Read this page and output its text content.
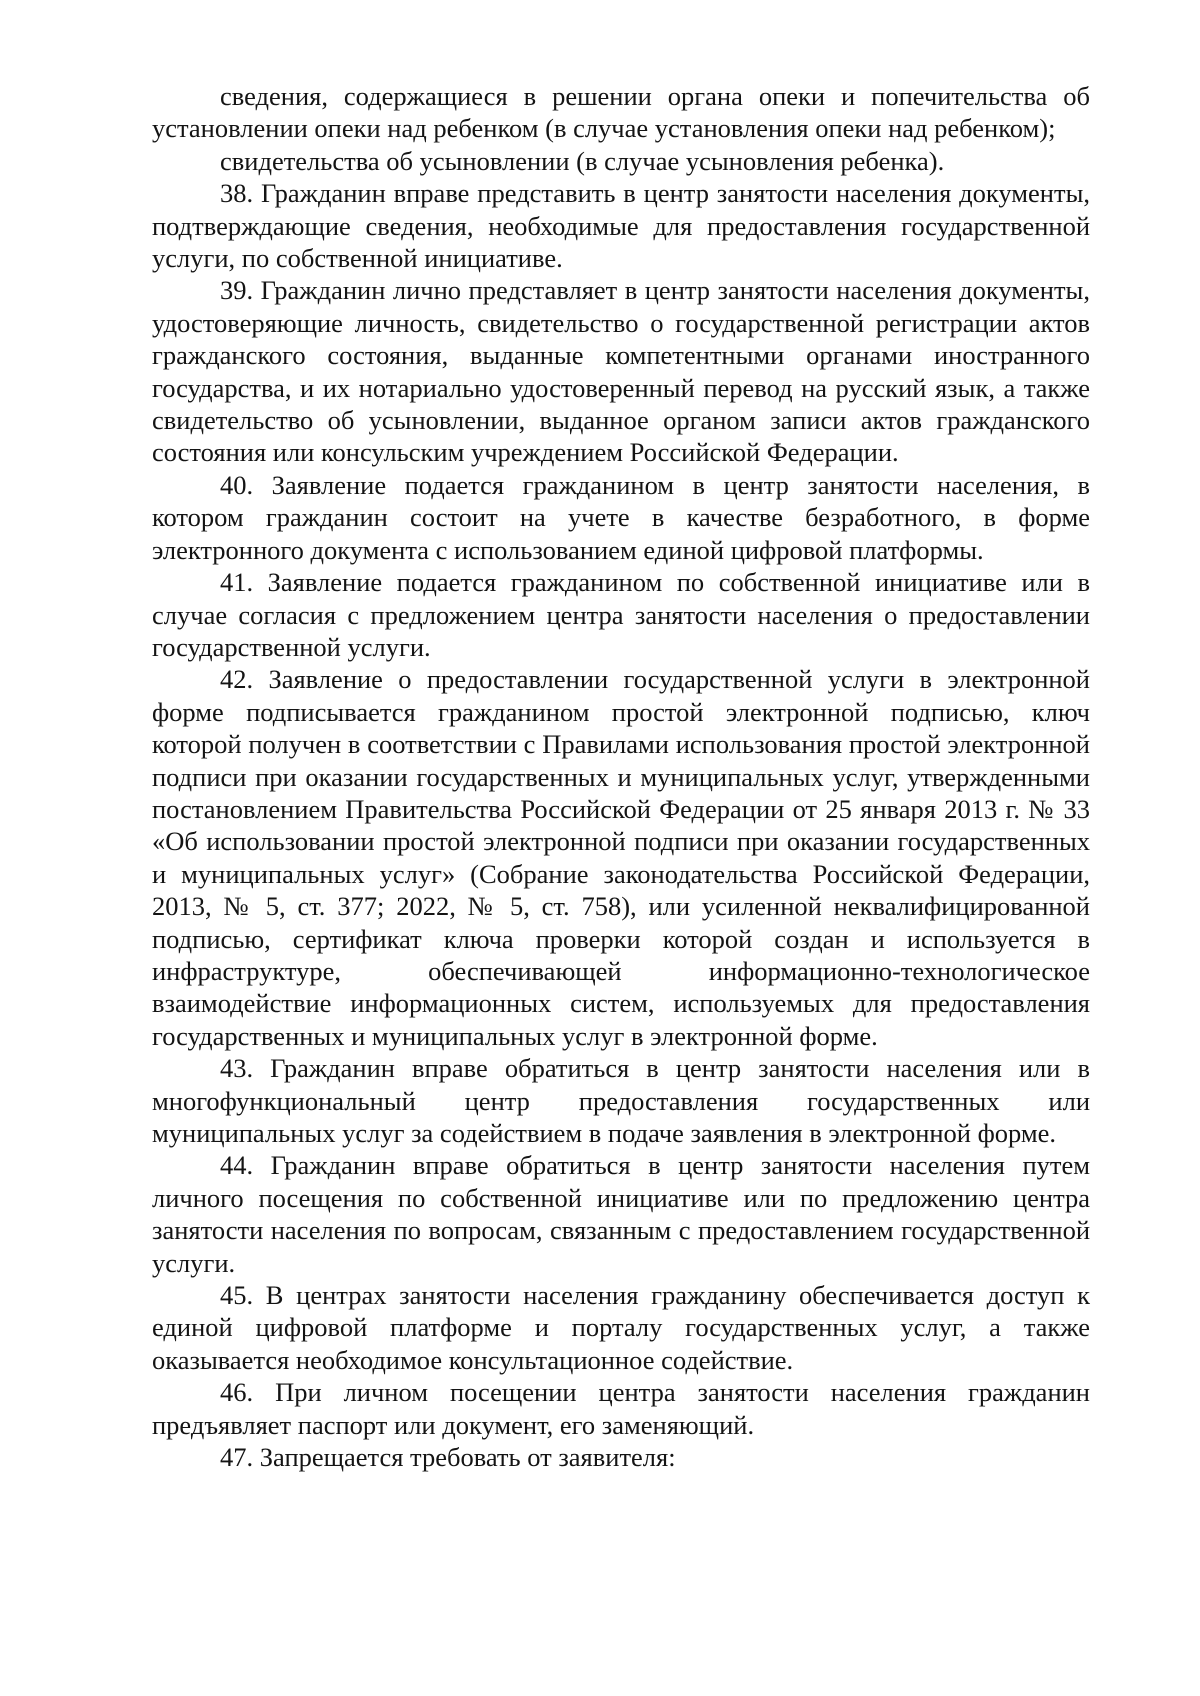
сведения, содержащиеся в решении органа опеки и попечительства об установлении опеки над ребенком (в случае установления опеки над ребенком);

свидетельства об усыновлении (в случае усыновления ребенка).

38. Гражданин вправе представить в центр занятости населения документы, подтверждающие сведения, необходимые для предоставления государственной услуги, по собственной инициативе.

39. Гражданин лично представляет в центр занятости населения документы, удостоверяющие личность, свидетельство о государственной регистрации актов гражданского состояния, выданные компетентными органами иностранного государства, и их нотариально удостоверенный перевод на русский язык, а также свидетельство об усыновлении, выданное органом записи актов гражданского состояния или консульским учреждением Российской Федерации.

40. Заявление подается гражданином в центр занятости населения, в котором гражданин состоит на учете в качестве безработного, в форме электронного документа с использованием единой цифровой платформы.

41. Заявление подается гражданином по собственной инициативе или в случае согласия с предложением центра занятости населения о предоставлении государственной услуги.

42. Заявление о предоставлении государственной услуги в электронной форме подписывается гражданином простой электронной подписью, ключ которой получен в соответствии с Правилами использования простой электронной подписи при оказании государственных и муниципальных услуг, утвержденными постановлением Правительства Российской Федерации от 25 января 2013 г. № 33 «Об использовании простой электронной подписи при оказании государственных и муниципальных услуг» (Собрание законодательства Российской Федерации, 2013, № 5, ст. 377; 2022, № 5, ст. 758), или усиленной неквалифицированной подписью, сертификат ключа проверки которой создан и используется в инфраструктуре, обеспечивающей информационно-технологическое взаимодействие информационных систем, используемых для предоставления государственных и муниципальных услуг в электронной форме.

43. Гражданин вправе обратиться в центр занятости населения или в многофункциональный центр предоставления государственных или муниципальных услуг за содействием в подаче заявления в электронной форме.

44. Гражданин вправе обратиться в центр занятости населения путем личного посещения по собственной инициативе или по предложению центра занятости населения по вопросам, связанным с предоставлением государственной услуги.

45. В центрах занятости населения гражданину обеспечивается доступ к единой цифровой платформе и порталу государственных услуг, а также оказывается необходимое консультационное содействие.

46. При личном посещении центра занятости населения гражданин предъявляет паспорт или документ, его заменяющий.

47. Запрещается требовать от заявителя:
